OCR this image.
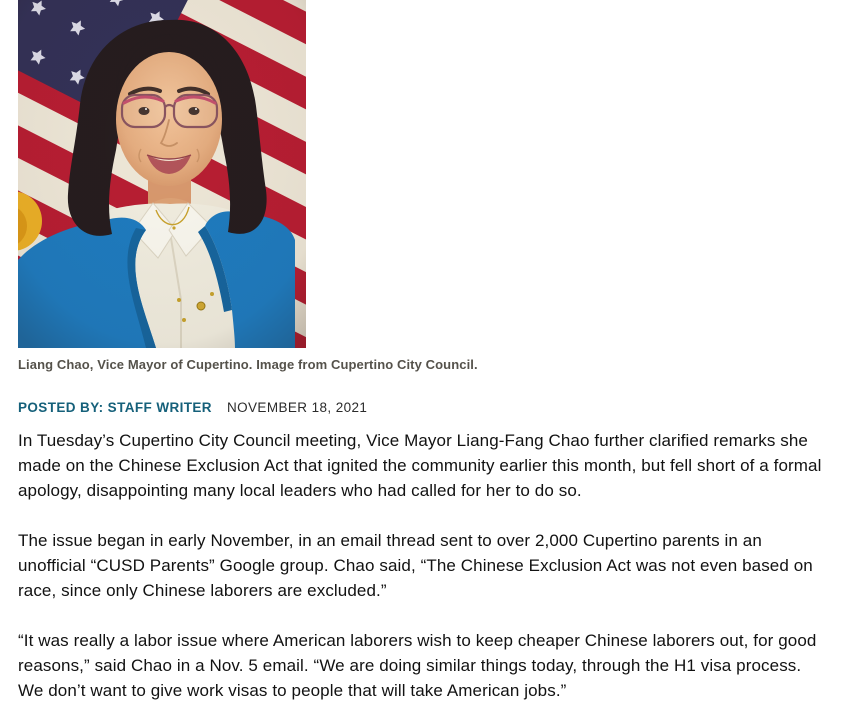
Liang Chao, Vice Mayor of Cupertino. Image from Cupertino City Council.
POSTED BY: STAFF WRITER NOVEMBER 18, 2021

In Tuesday’s Cupertino City Council meeting, Vice Mayor Liang-Fang Chao further clarified remarks she made on the Chinese Exclusion Act that ignited the community earlier this month, but fell short of a formal apology, disappointing many local leaders who had called for her to do so.

The issue began in early November, in an email thread sent to over 2,000 Cupertino parents in an unofficial “CUSD Parents” Google group. Chao said, “The Chinese Exclusion Act was not even based on race, since only Chinese laborers are excluded.”

“It was really a labor issue where American laborers wish to keep cheaper Chinese laborers out, for good reasons,” said Chao in a Nov. 5 email. “We are doing similar things today, through the H1 visa process. We don’t want to give work visas to people that will take American jobs.”
